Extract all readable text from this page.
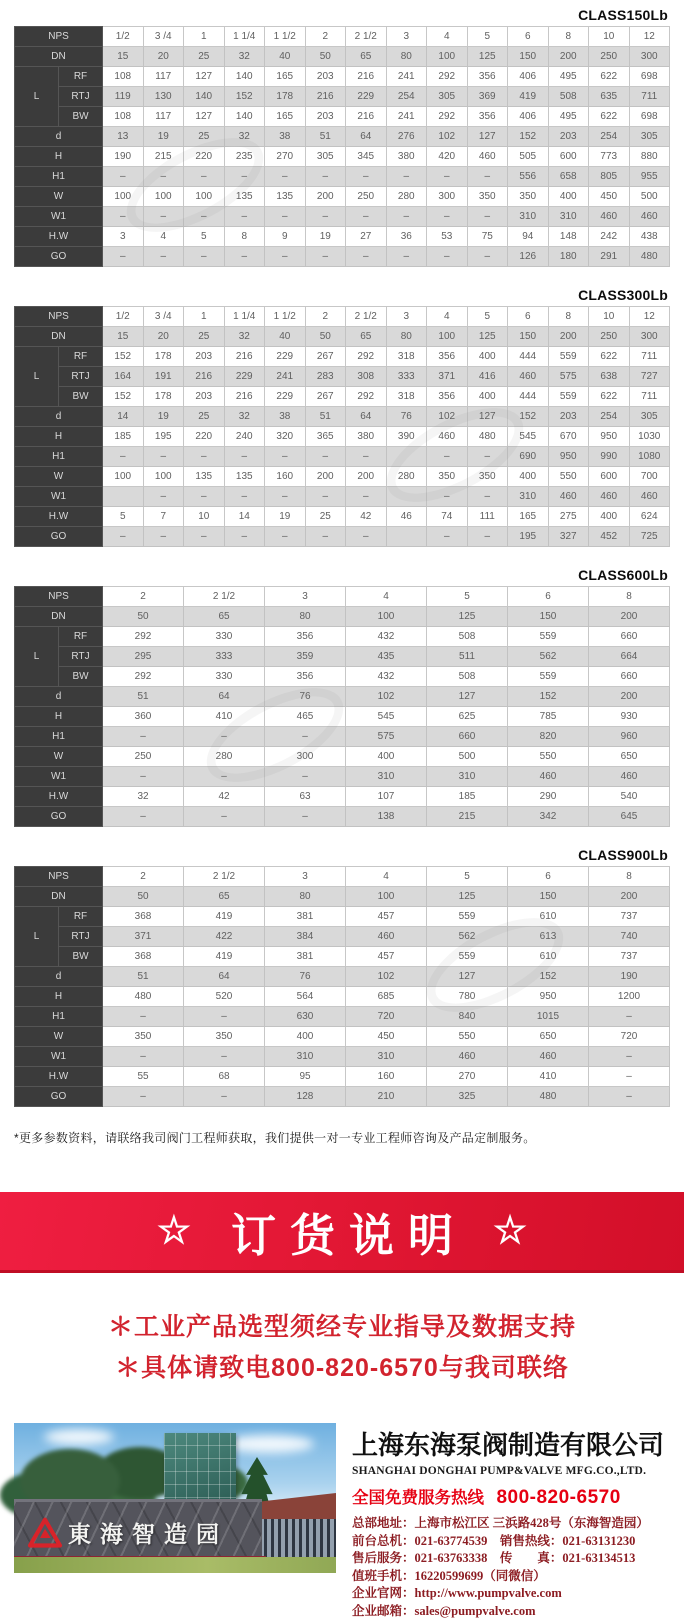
CLASS150Lb
NPS		1/2	3 /4	1	1 1/4	1 1/2	2	2 1/2	3	4	5	6	8	10	12
DN		15	20	25	32	40	50	65	80	100	125	150	200	250	300
L	RF	108	117	127	140	165	203	216	241	292	356	406	495	622	698
	RTJ	119	130	140	152	178	216	229	254	305	369	419	508	635	711
	BW	108	117	127	140	165	203	216	241	292	356	406	495	622	698
d		13	19	25	32	38	51	64	276	102	127	152	203	254	305
H		190	215	220	235	270	305	345	380	420	460	505	600	773	880
H1		–	–	–	–	–	–	–	–	–	–	556	658	805	955
W		100	100	100	135	135	200	250	280	300	350	350	400	450	500
W1		–	–	–	–	–	–	–	–	–	–	310	310	460	460
H.W		3	4	5	8	9	19	27	36	53	75	94	148	242	438
GO		–	–	–	–	–	–	–	–	–	–	126	180	291	480
CLASS300Lb
NPS		1/2	3 /4	1	1 1/4	1 1/2	2	2 1/2	3	4	5	6	8	10	12
DN		15	20	25	32	40	50	65	80	100	125	150	200	250	300
L	RF	152	178	203	216	229	267	292	318	356	400	444	559	622	711
	RTJ	164	191	216	229	241	283	308	333	371	416	460	575	638	727
	BW	152	178	203	216	229	267	292	318	356	400	444	559	622	711
d		14	19	25	32	38	51	64	76	102	127	152	203	254	305
H		185	195	220	240	320	365	380	390	460	480	545	670	950	1030
H1		–	–	–	–	–	–	–		–	–	690	950	990	1080
W		100	100	135	135	160	200	200	280	350	350	400	550	600	700
W1			–	–	–	–	–	–		–	–	310	460	460	460
H.W		5	7	10	14	19	25	42	46	74	111	165	275	400	624
GO		–	–	–	–	–	–	–		–	–	195	327	452	725
CLASS600Lb
NPS		2	2 1/2	3	4	5	6	8
DN		50	65	80	100	125	150	200
L	RF	292	330	356	432	508	559	660
	RTJ	295	333	359	435	511	562	664
	BW	292	330	356	432	508	559	660
d		51	64	76	102	127	152	200
H		360	410	465	545	625	785	930
H1		–	–	–	575	660	820	960
W		250	280	300	400	500	550	650
W1		–	–	–	310	310	460	460
H.W		32	42	63	107	185	290	540
GO		–	–	–	138	215	342	645
CLASS900Lb
NPS		2	2 1/2	3	4	5	6	8
DN		50	65	80	100	125	150	200
L	RF	368	419	381	457	559	610	737
	RTJ	371	422	384	460	562	613	740
	BW	368	419	381	457	559	610	737
d		51	64	76	102	127	152	190
H		480	520	564	685	780	950	1200
H1		–	–	630	720	840	1015	–
W		350	350	400	450	550	650	720
W1		–	–	310	310	460	460	–
H.W		55	68	95	160	270	410	–
GO		–	–	128	210	325	480	–
*更多参数资料，请联络我司阀门工程师获取，我们提供一对一专业工程师咨询及产品定制服务。
☆ 订货说明 ☆
＊工业产品选型须经专业指导及数据支持
＊具体请致电800-820-6570与我司联络
東海智造园
上海东海泵阀制造有限公司
SHANGHAI DONGHAI PUMP&VALVE MFG.CO.,LTD.
全国免费服务热线 800-820-6570
总部地址：上海市松江区 三浜路428号（东海智造园）
前台总机：021-63774539　销售热线：021-63131230
售后服务：021-63763338　传　　真：021-63134513
值班手机：16220599699（同微信）
企业官网：http://www.pumpvalve.com
企业邮箱：sales@pumpvalve.com
